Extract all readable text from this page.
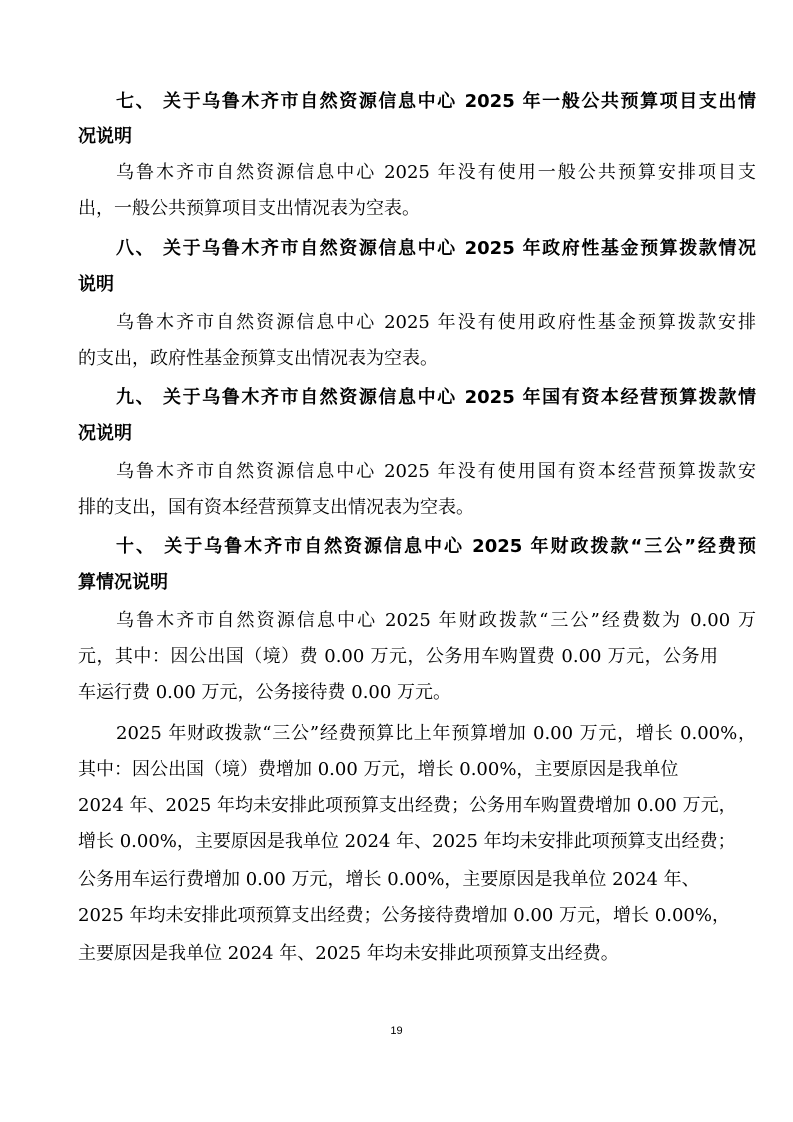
七、 关于乌鲁木齐市自然资源信息中心 2025 年一般公共预算项目支出情
况说明
乌鲁木齐市自然资源信息中心 2025 年没有使用一般公共预算安排项目支
出，一般公共预算项目支出情况表为空表。
八、 关于乌鲁木齐市自然资源信息中心 2025 年政府性基金预算拨款情况
说明
乌鲁木齐市自然资源信息中心 2025 年没有使用政府性基金预算拨款安排
的支出，政府性基金预算支出情况表为空表。
九、 关于乌鲁木齐市自然资源信息中心 2025 年国有资本经营预算拨款情
况说明
乌鲁木齐市自然资源信息中心 2025 年没有使用国有资本经营预算拨款安
排的支出，国有资本经营预算支出情况表为空表。
十、 关于乌鲁木齐市自然资源信息中心 2025 年财政拨款“三公”经费预
算情况说明
乌鲁木齐市自然资源信息中心 2025 年财政拨款“三公”经费数为 0.00 万
元，其中：因公出国（境）费 0.00 万元，公务用车购置费 0.00 万元，公务用
车运行费 0.00 万元，公务接待费 0.00 万元。
2025 年财政拨款“三公”经费预算比上年预算增加 0.00 万元，增长 0.00%，
其中：因公出国（境）费增加 0.00 万元，增长 0.00%，主要原因是我单位
2024 年、2025 年均未安排此项预算支出经费；公务用车购置费增加 0.00 万元，
增长 0.00%，主要原因是我单位 2024 年、2025 年均未安排此项预算支出经费；
公务用车运行费增加 0.00 万元，增长 0.00%，主要原因是我单位 2024 年、
2025 年均未安排此项预算支出经费；公务接待费增加 0.00 万元，增长 0.00%，
主要原因是我单位 2024 年、2025 年均未安排此项预算支出经费。
19
